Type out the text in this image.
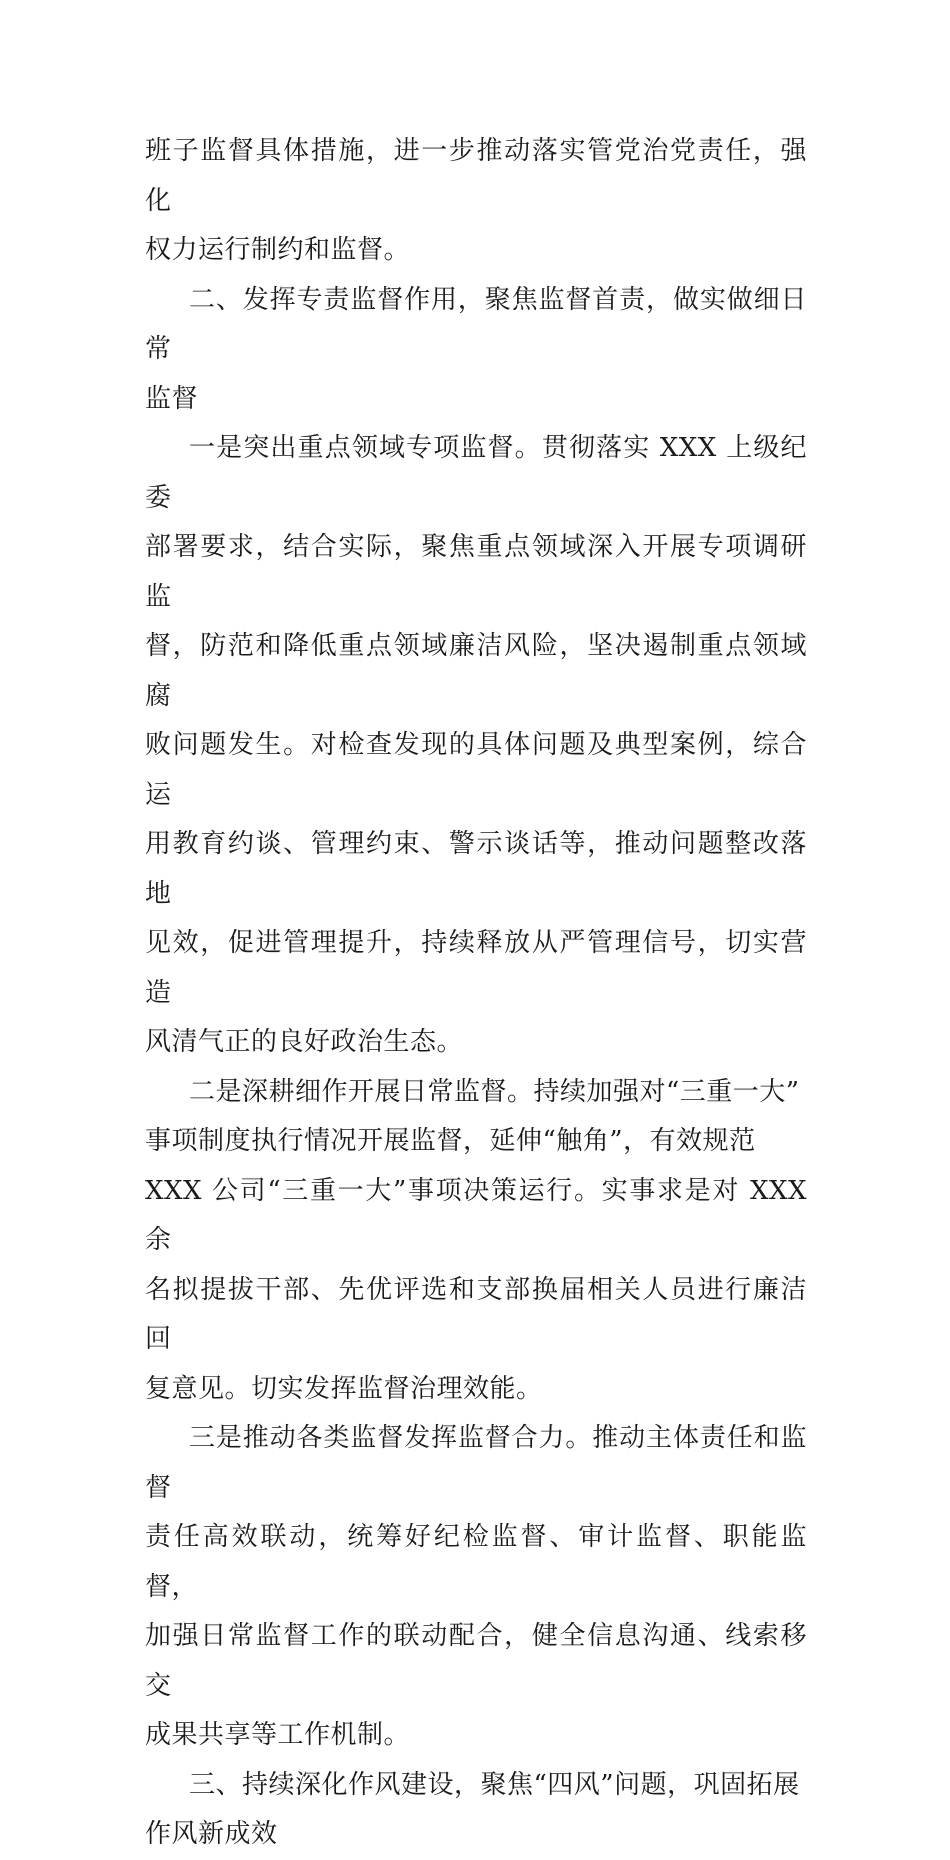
班子监督具体措施，进一步推动落实管党治党责任，强化
权力运行制约和监督。
二、发挥专责监督作用，聚焦监督首责，做实做细日常
监督
一是突出重点领域专项监督。贯彻落实 XXX 上级纪委
部署要求，结合实际，聚焦重点领域深入开展专项调研监
督，防范和降低重点领域廉洁风险，坚决遏制重点领域腐
败问题发生。对检查发现的具体问题及典型案例，综合运
用教育约谈、管理约束、警示谈话等，推动问题整改落地
见效，促进管理提升，持续释放从严管理信号，切实营造
风清气正的良好政治生态。
二是深耕细作开展日常监督。持续加强对“三重一大”
事项制度执行情况开展监督，延伸“触角”，有效规范
XXX 公司“三重一大”事项决策运行。实事求是对 XXX 余
名拟提拔干部、先优评选和支部换届相关人员进行廉洁回
复意见。切实发挥监督治理效能。
三是推动各类监督发挥监督合力。推动主体责任和监督
责任高效联动，统筹好纪检监督、审计监督、职能监督，
加强日常监督工作的联动配合，健全信息沟通、线索移交
成果共享等工作机制。
三、持续深化作风建设，聚焦“四风”问题，巩固拓展
作风新成效
